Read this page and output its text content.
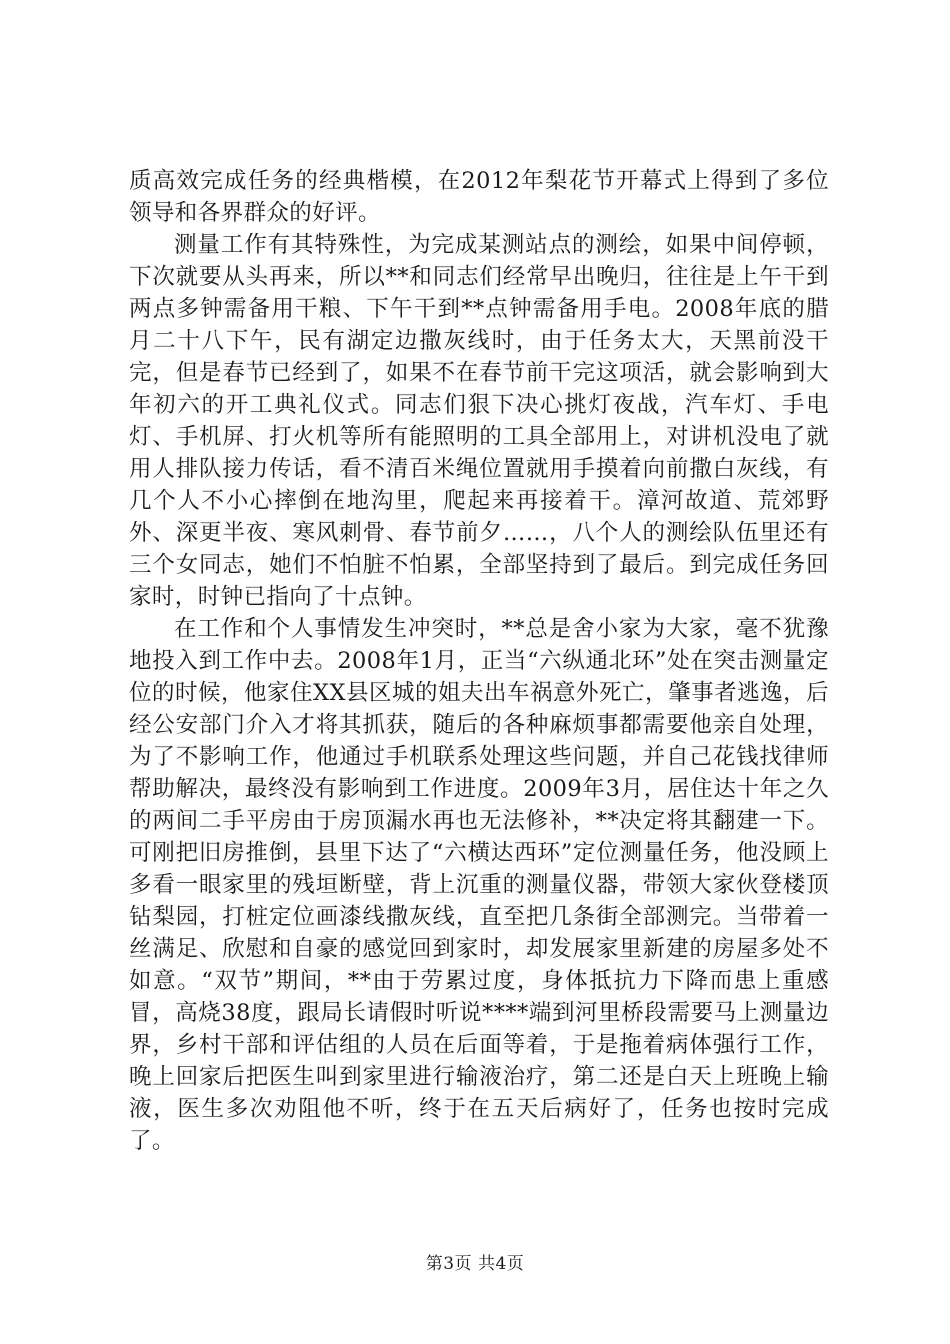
质高效完成任务的经典楷模，在2012年梨花节开幕式上得到了多位领导和各界群众的好评。

测量工作有其特殊性，为完成某测站点的测绘，如果中间停顿，下次就要从头再来，所以**和同志们经常早出晚归，往往是上午干到两点多钟需备用干粮、下午干到**点钟需备用手电。2008年底的腊月二十八下午，民有湖定边撒灰线时，由于任务太大，天黑前没干完，但是春节已经到了，如果不在春节前干完这项活，就会影响到大年初六的开工典礼仪式。同志们狠下决心挑灯夜战，汽车灯、手电灯、手机屏、打火机等所有能照明的工具全部用上，对讲机没电了就用人排队接力传话，看不清百米绳位置就用手摸着向前撒白灰线，有几个人不小心摔倒在地沟里，爬起来再接着干。漳河故道、荒郊野外、深更半夜、寒风刺骨、春节前夕……，八个人的测绘队伍里还有三个女同志，她们不怕脏不怕累，全部坚持到了最后。到完成任务回家时，时钟已指向了十点钟。

在工作和个人事情发生冲突时，**总是舍小家为大家，毫不犹豫地投入到工作中去。2008年1月，正当“六纵通北环”处在突击测量定位的时候，他家住XX县区城的姐夫出车祸意外死亡，肇事者逃逸，后经公安部门介入才将其抓获，随后的各种麻烦事都需要他亲自处理，为了不影响工作，他通过手机联系处理这些问题，并自己花钱找律师帮助解决，最终没有影响到工作进度。2009年3月，居住达十年之久的两间二手平房由于房顶漏水再也无法修补，**决定将其翻建一下。可刚把旧房推倒，县里下达了“六横达西环”定位测量任务，他没顾上多看一眼家里的残垣断壁，背上沉重的测量仪器，带领大家伙登楼顶钻梨园，打桩定位画漆线撒灰线，直至把几条街全部测完。当带着一丝满足、欣慰和自豪的感觉回到家时，却发展家里新建的房屋多处不如意。“双节”期间，**由于劳累过度，身体抵抗力下降而患上重感冒，高烧38度，跟局长请假时听说****端到河里桥段需要马上测量边界，乡村干部和评估组的人员在后面等着，于是拖着病体强行工作，晚上回家后把医生叫到家里进行输液治疗，第二还是白天上班晚上输液，医生多次劝阻他不听，终于在五天后病好了，任务也按时完成了。

第3页 共4页
